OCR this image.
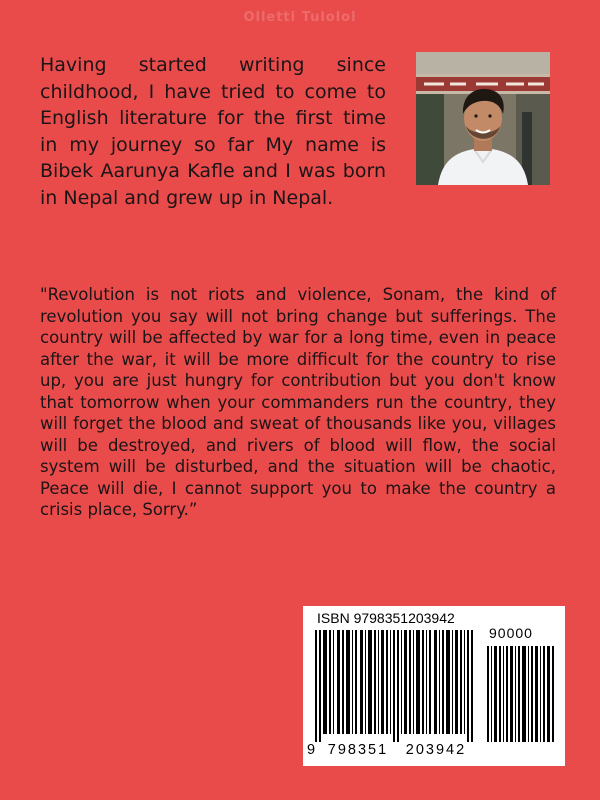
Olletti Tulolol

Having started writing since childhood, I have tried to come to English literature for the first time in my journey so far My name is Bibek Aarunya Kafle and I was born in Nepal and grew up in Nepal.

"Revolution is not riots and violence, Sonam, the kind of revolution you say will not bring change but sufferings. The country will be affected by war for a long time, even in peace after the war, it will be more difficult for the country to rise up, you are just hungry for contribution but you don't know that tomorrow when your commanders run the country, they will forget the blood and sweat of thousands like you, villages will be destroyed, and rivers of blood will flow, the social system will be disturbed, and the situation will be chaotic, Peace will die, I cannot support you to make the country a crisis place, Sorry.”

ISBN 9798351203942
90000
9 798351 203942
